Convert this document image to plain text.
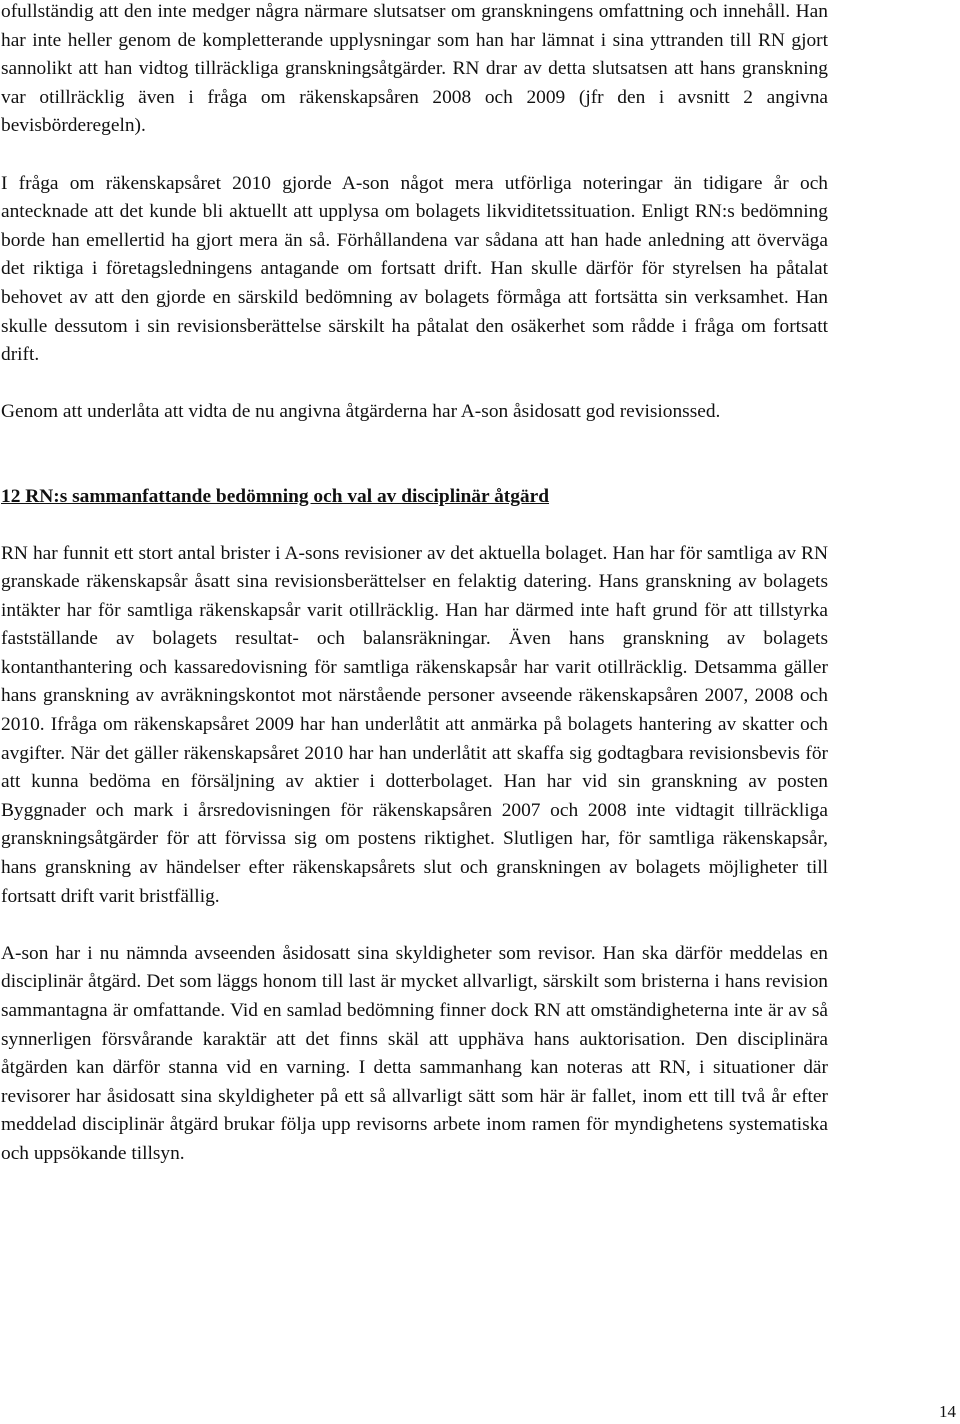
ofullständig att den inte medger några närmare slutsatser om granskningens omfattning och innehåll. Han har inte heller genom de kompletterande upplysningar som han har lämnat i sina yttranden till RN gjort sannolikt att han vidtog tillräckliga granskningsåtgärder. RN drar av detta slutsatsen att hans granskning var otillräcklig även i fråga om räkenskapsåren 2008 och 2009 (jfr den i avsnitt 2 angivna bevisbörderegeln).

I fråga om räkenskapsåret 2010 gjorde A-son något mera utförliga noteringar än tidigare år och antecknade att det kunde bli aktuellt att upplysa om bolagets likviditetssituation. Enligt RN:s bedömning borde han emellertid ha gjort mera än så. Förhållandena var sådana att han hade anledning att överväga det riktiga i företagsledningens antagande om fortsatt drift. Han skulle därför för styrelsen ha påtalat behovet av att den gjorde en särskild bedömning av bolagets förmåga att fortsätta sin verksamhet. Han skulle dessutom i sin revisionsberättelse särskilt ha påtalat den osäkerhet som rådde i fråga om fortsatt drift.

Genom att underlåta att vidta de nu angivna åtgärderna har A-son åsidosatt god revisionssed.

12 RN:s sammanfattande bedömning och val av disciplinär åtgärd

RN har funnit ett stort antal brister i A-sons revisioner av det aktuella bolaget. Han har för samtliga av RN granskade räkenskapsår åsatt sina revisionsberättelser en felaktig datering. Hans granskning av bolagets intäkter har för samtliga räkenskapsår varit otillräcklig. Han har därmed inte haft grund för att tillstyrka fastställande av bolagets resultat- och balansräkningar. Även hans granskning av bolagets kontanthantering och kassaredovisning för samtliga räkenskapsår har varit otillräcklig. Detsamma gäller hans granskning av avräkningskontot mot närstående personer avseende räkenskapsåren 2007, 2008 och 2010. Ifråga om räkenskapsåret 2009 har han underlåtit att anmärka på bolagets hantering av skatter och avgifter. När det gäller räkenskapsåret 2010 har han underlåtit att skaffa sig godtagbara revisionsbevis för att kunna bedöma en försäljning av aktier i dotterbolaget. Han har vid sin granskning av posten Byggnader och mark i årsredovisningen för räkenskapsåren 2007 och 2008 inte vidtagit tillräckliga granskningsåtgärder för att förvissa sig om postens riktighet. Slutligen har, för samtliga räkenskapsår, hans granskning av händelser efter räkenskapsårets slut och granskningen av bolagets möjligheter till fortsatt drift varit bristfällig.

A-son har i nu nämnda avseenden åsidosatt sina skyldigheter som revisor. Han ska därför meddelas en disciplinär åtgärd. Det som läggs honom till last är mycket allvarligt, särskilt som bristerna i hans revision sammantagna är omfattande. Vid en samlad bedömning finner dock RN att omständigheterna inte är av så synnerligen försvårande karaktär att det finns skäl att upphäva hans auktorisation. Den disciplinära åtgärden kan därför stanna vid en varning. I detta sammanhang kan noteras att RN, i situationer där revisorer har åsidosatt sina skyldigheter på ett så allvarligt sätt som här är fallet, inom ett till två år efter meddelad disciplinär åtgärd brukar följa upp revisorns arbete inom ramen för myndighetens systematiska och uppsökande tillsyn.

14
